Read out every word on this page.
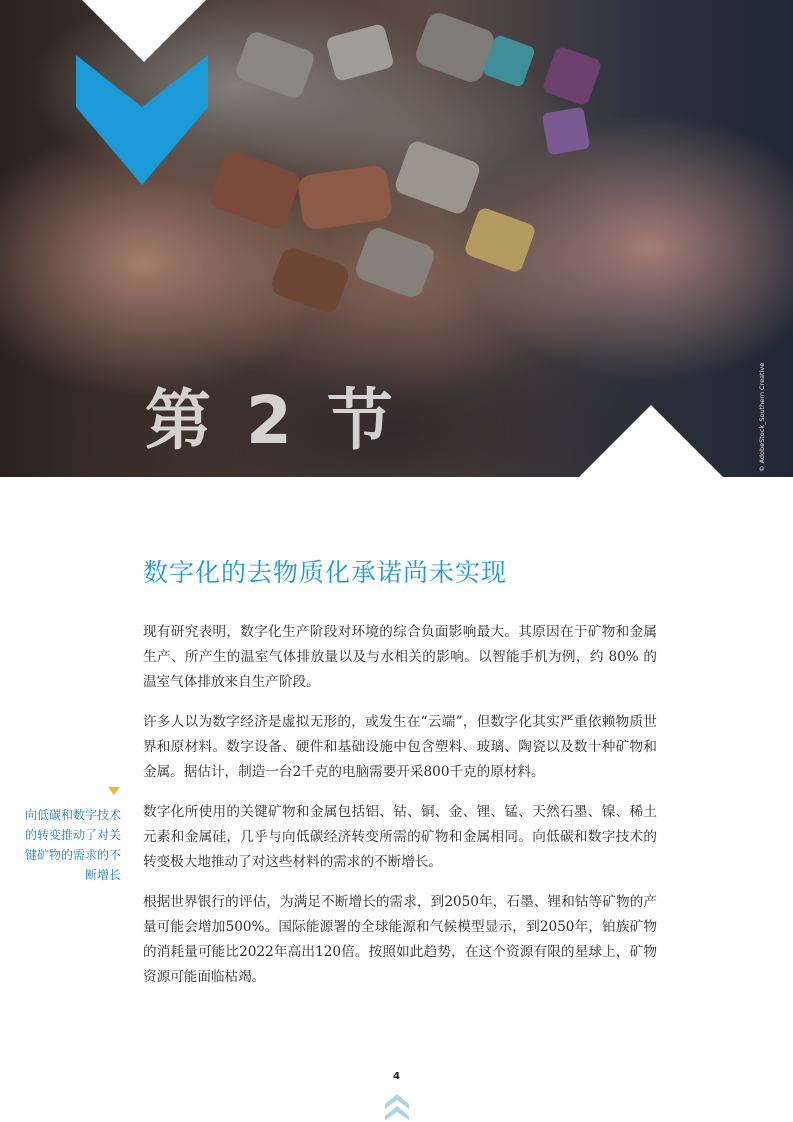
第 2 节	© AdobeStock_Southern Creative
数字化的去物质化承诺尚未实现

现有研究表明，数字化生产阶段对环境的综合负面影响最大。其原因在于矿物和金属生产、所产生的温室气体排放量以及与水相关的影响。以智能手机为例，约 80% 的温室气体排放来自生产阶段。

许多人以为数字经济是虚拟无形的，或发生在“云端”，但数字化其实严重依赖物质世界和原材料。数字设备、硬件和基础设施中包含塑料、玻璃、陶瓷以及数十种矿物和金属。据估计，制造一台2千克的电脑需要开采800千克的原材料。

数字化所使用的关键矿物和金属包括铝、钴、铜、金、锂、锰、天然石墨、镍、稀土元素和金属硅，几乎与向低碳经济转变所需的矿物和金属相同。向低碳和数字技术的转变极大地推动了对这些材料的需求的不断增长。

根据世界银行的评估，为满足不断增长的需求，到2050年，石墨、锂和钴等矿物的产量可能会增加500%。国际能源署的全球能源和气候模型显示，到2050年，铂族矿物的消耗量可能比2022年高出120倍。按照如此趋势，在这个资源有限的星球上，矿物资源可能面临枯竭。

向低碳和数字技术的转变推动了对关键矿物的需求的不断增长

4
